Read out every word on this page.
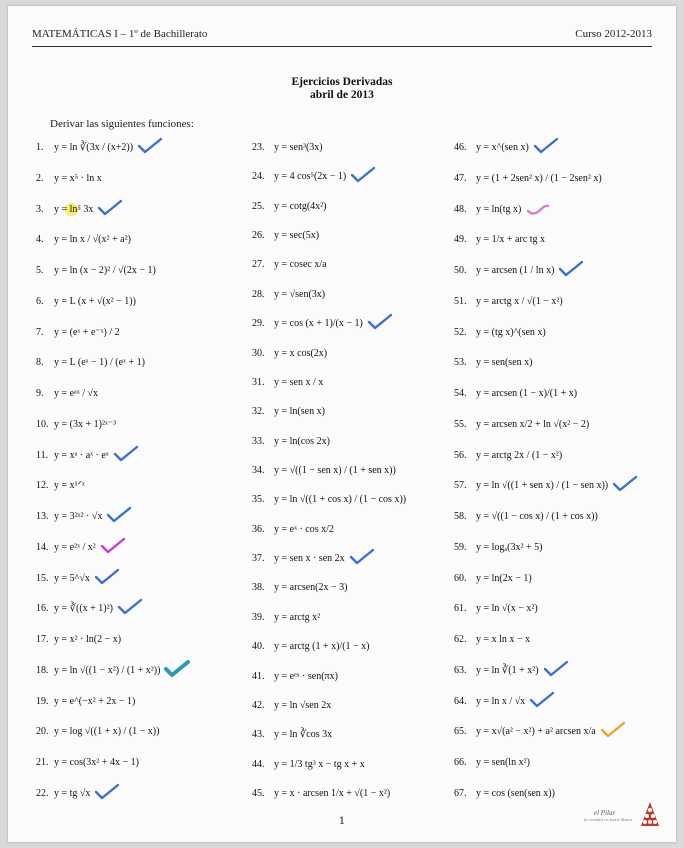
MATEMÁTICAS I – 1º de Bachillerato	Curso 2012-2013
Ejercicios Derivadas
abril de 2013
Derivar las siguientes funciones:
1. y = ln ∛(3x / (x+2))
2. y = x⁵ · ln x
3. y = ln⁵ 3x
4. y = ln x / √(x² + a²)
5. y = ln (x − 2)² / √(2x − 1)
6. y = L (x + √(x² − 1))
7. y = (eˣ + e⁻ˣ) / 2
8. y = L (eˣ − 1) / (eˣ + 1)
9. y = eᵃˣ / √x
10. y = (3x + 1)²ˣ⁻³
11. y = xᵃ · aˣ · eˣ
12. y = x¹ᐟˣ
13. y = 3²ˣ² · √x
14. y = e²ˣ / x²
15. y = 5^√x
16. y = ∛((x + 1)²)
17. y = x² · ln(2 − x)
18. y = ln √((1 − x²) / (1 + x²))
19. y = e^(−x² + 2x − 1)
20. y = log √((1 + x) / (1 − x))
21. y = cos(3x² + 4x − 1)
22. y = tg √x
23. y = sen³(3x)
24. y = 4 cos⁵(2x − 1)
25. y = cotg(4x²)
26. y = sec(5x)
27. y = cosec x/a
28. y = √sen(3x)
29. y = cos (x + 1)/(x − 1)
30. y = x cos(2x)
31. y = sen x / x
32. y = ln(sen x)
33. y = ln(cos 2x)
34. y = √((1 − sen x) / (1 + sen x))
35. y = ln √((1 + cos x) / (1 − cos x))
36. y = eˣ · cos x/2
37. y = sen x · sen 2x
38. y = arcsen(2x − 3)
39. y = arctg x²
40. y = arctg (1 + x)/(1 − x)
41. y = eᵉˣ · sen(πx)
42. y = ln √sen 2x
43. y = ln ∛cos 3x
44. y = 1/3 tg³ x − tg x + x
45. y = x · arcsen 1/x + √(1 − x²)
46. y = x^(sen x)
47. y = (1 + 2sen² x) / (1 − 2sen² x)
48. y = ln(tg x)
49. y = 1/x + arc tg x
50. y = arcsen (1 / ln x)
51. y = arctg x / √(1 − x²)
52. y = (tg x)^(sen x)
53. y = sen(sen x)
54. y = arcsen (1 − x)/(1 + x)
55. y = arcsen x/2 + ln √(x² − 2)
56. y = arctg 2x / (1 − x²)
57. y = ln √((1 + sen x) / (1 − sen x))
58. y = √((1 − cos x) / (1 + cos x))
59. y = logₐ(3x² + 5)
60. y = ln(2x − 1)
61. y = ln √(x − x²)
62. y = x ln x − x
63. y = ln ∛(1 + x²)
64. y = ln x / √x
65. y = x√(a² − x²) + a² arcsen x/a
66. y = sen(ln x²)
67. y = cos (sen(sen x))
1
el Pilar
la verdad os hará libres
